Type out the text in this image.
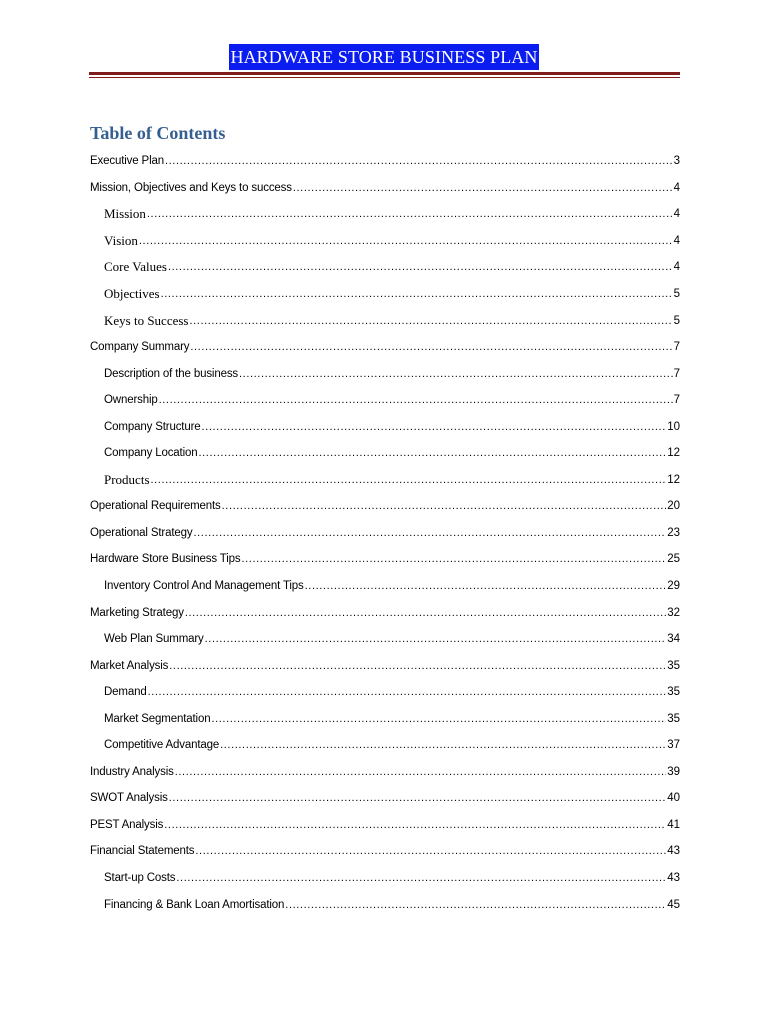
HARDWARE STORE BUSINESS PLAN
Table of Contents
Executive Plan .....	3
Mission, Objectives and Keys to success .....	4
Mission .....	4
Vision .....	4
Core Values .....	4
Objectives .....	5
Keys to Success .....	5
Company Summary .....	7
Description of the business .....	7
Ownership .....	7
Company Structure .....	10
Company Location .....	12
Products .....	12
Operational Requirements .....	20
Operational Strategy .....	23
Hardware Store Business Tips .....	25
Inventory Control And Management Tips .....	29
Marketing Strategy .....	32
Web Plan Summary .....	34
Market Analysis .....	35
Demand .....	35
Market Segmentation .....	35
Competitive Advantage .....	37
Industry Analysis .....	39
SWOT Analysis .....	40
PEST Analysis .....	41
Financial Statements .....	43
Start-up Costs .....	43
Financing & Bank Loan Amortisation .....	45
